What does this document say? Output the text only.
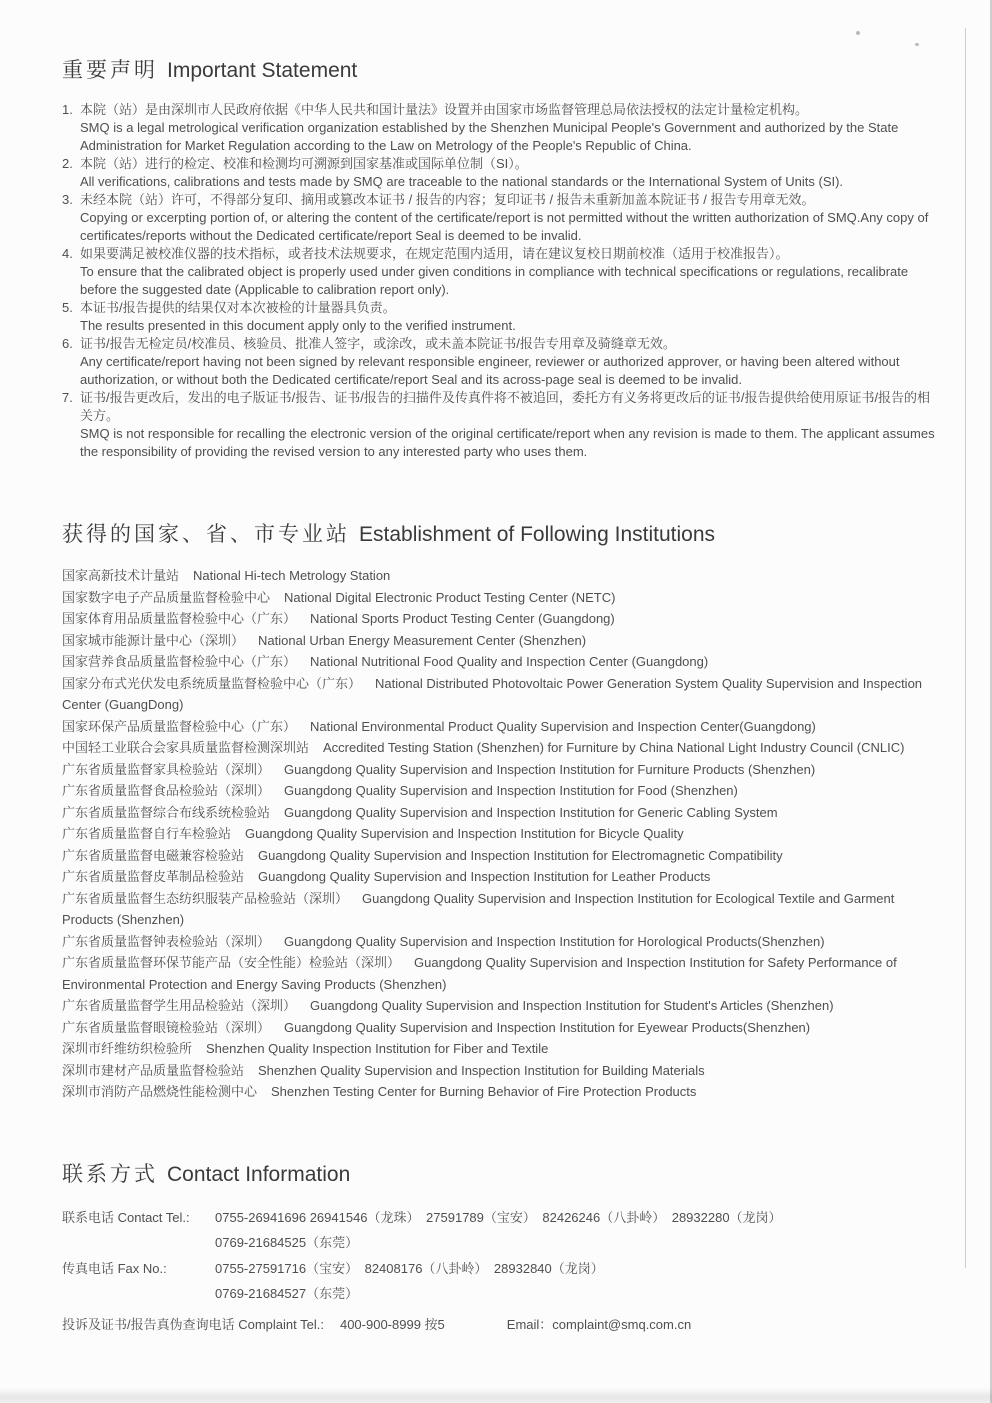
重要声明 Important Statement
1. 本院（站）是由深圳市人民政府依据《中华人民共和国计量法》设置并由国家市场监督管理总局依法授权的法定计量检定机构。
SMQ is a legal metrological verification organization established by the Shenzhen Municipal People's Government and authorized by the State Administration for Market Regulation according to the Law on Metrology of the People's Republic of China.
2. 本院（站）进行的检定、校准和检测均可溯源到国家基准或国际单位制（SI）。
All verifications, calibrations and tests made by SMQ are traceable to the national standards or the International System of Units (SI).
3. 未经本院（站）许可，不得部分复印、摘用或篡改本证书 / 报告的内容；复印证书 / 报告未重新加盖本院证书 / 报告专用章无效。
Copying or excerpting portion of, or altering the content of the certificate/report is not permitted without the written authorization of SMQ.Any copy of certificates/reports without the Dedicated certificate/report Seal is deemed to be invalid.
4. 如果要满足被校准仪器的技术指标，或者技术法规要求，在规定范围内适用，请在建议复校日期前校准（适用于校准报告）。
To ensure that the calibrated object is properly used under given conditions in compliance with technical specifications or regulations, recalibrate before the suggested date (Applicable to calibration report only).
5. 本证书/报告提供的结果仅对本次被检的计量器具负责。
The results presented in this document apply only to the verified instrument.
6. 证书/报告无检定员/校准员、核验员、批准人签字，或涂改，或未盖本院证书/报告专用章及骑缝章无效。
Any certificate/report having not been signed by relevant responsible engineer, reviewer or authorized approver, or having been altered without authorization, or without both the Dedicated certificate/report Seal and its across-page seal is deemed to be invalid.
7. 证书/报告更改后，发出的电子版证书/报告、证书/报告的扫描件及传真件将不被追回，委托方有义务将更改后的证书/报告提供给使用原证书/报告的相关方。
SMQ is not responsible for recalling the electronic version of the original certificate/report when any revision is made to them. The applicant assumes the responsibility of providing the revised version to any interested party who uses them.
获得的国家、省、市专业站 Establishment of Following Institutions
国家高新技术计量站 National Hi-tech Metrology Station
国家数字电子产品质量监督检验中心 National Digital Electronic Product Testing Center (NETC)
国家体育用品质量监督检验中心（广东） National Sports Product Testing Center (Guangdong)
国家城市能源计量中心（深圳） National Urban Energy Measurement Center (Shenzhen)
国家营养食品质量监督检验中心（广东） National Nutritional Food Quality and Inspection Center (Guangdong)
国家分布式光伏发电系统质量监督检验中心（广东） National Distributed Photovoltaic Power Generation System Quality Supervision and Inspection Center (GuangDong)
国家环保产品质量监督检验中心（广东） National Environmental Product Quality Supervision and Inspection Center(Guangdong)
中国轻工业联合会家具质量监督检测深圳站 Accredited Testing Station (Shenzhen) for Furniture by China National Light Industry Council (CNLIC)
广东省质量监督家具检验站（深圳） Guangdong Quality Supervision and Inspection Institution for Furniture Products (Shenzhen)
广东省质量监督食品检验站（深圳） Guangdong Quality Supervision and Inspection Institution for Food (Shenzhen)
广东省质量监督综合布线系统检验站 Guangdong Quality Supervision and Inspection Institution for Generic Cabling System
广东省质量监督自行车检验站 Guangdong Quality Supervision and Inspection Institution for Bicycle Quality
广东省质量监督电磁兼容检验站 Guangdong Quality Supervision and Inspection Institution for Electromagnetic Compatibility
广东省质量监督皮革制品检验站 Guangdong Quality Supervision and Inspection Institution for Leather Products
广东省质量监督生态纺织服装产品检验站（深圳） Guangdong Quality Supervision and Inspection Institution for Ecological Textile and Garment Products (Shenzhen)
广东省质量监督钟表检验站（深圳） Guangdong Quality Supervision and Inspection Institution for Horological Products(Shenzhen)
广东省质量监督环保节能产品（安全性能）检验站（深圳） Guangdong Quality Supervision and Inspection Institution for Safety Performance of Environmental Protection and Energy Saving Products (Shenzhen)
广东省质量监督学生用品检验站（深圳） Guangdong Quality Supervision and Inspection Institution for Student's Articles (Shenzhen)
广东省质量监督眼镜检验站（深圳） Guangdong Quality Supervision and Inspection Institution for Eyewear Products(Shenzhen)
深圳市纤维纺织检验所 Shenzhen Quality Inspection Institution for Fiber and Textile
深圳市建材产品质量监督检验站 Shenzhen Quality Supervision and Inspection Institution for Building Materials
深圳市消防产品燃烧性能检测中心 Shenzhen Testing Center for Burning Behavior of Fire Protection Products
联系方式 Contact Information
联系电话 Contact Tel.:	0755-26941696 26941546（龙珠）　27591789（宝安）　82426246（八卦岭）　28932280（龙岗）
0769-21684525（东莞）
传真电话 Fax No.:	0755-27591716（宝安）　82408176（八卦岭）　28932840（龙岗）
0769-21684527（东莞）
投诉及证书/报告真伪查询电话 Complaint Tel.: 400-900-8999 按5	Email：complaint@smq.com.cn
